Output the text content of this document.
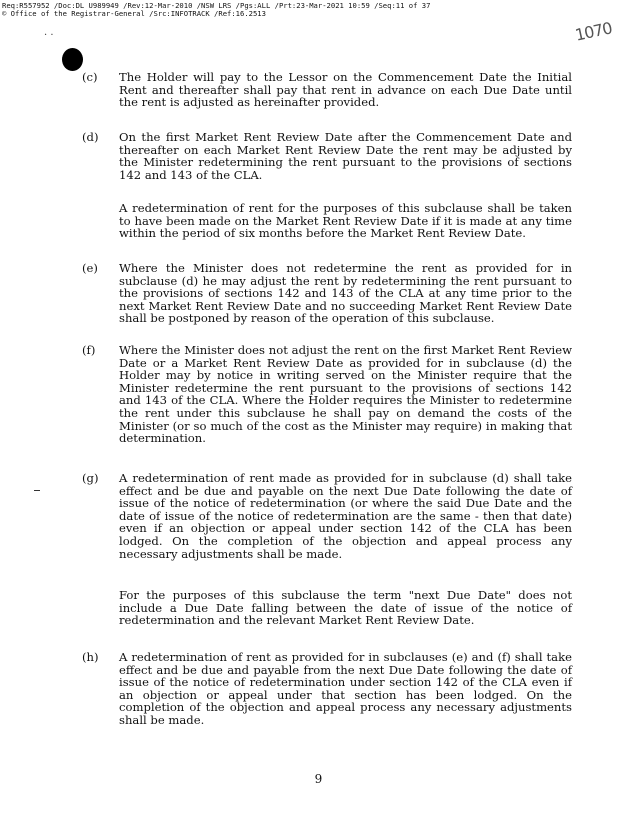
Req:R557952 /Doc:DL U989949 /Rev:12-Mar-2010 /NSW LRS /Pgs:ALL /Prt:23-Mar-2021 10:59 /Seq:11 of 37
© Office of the Registrar-General /Src:INFOTRACK /Ref:16.2513
1070
· ·
(c) The Holder will pay to the Lessor on the Commencement Date the Initial Rent and thereafter shall pay that rent in advance on each Due Date until the rent is adjusted as hereinafter provided.
(d) On the first Market Rent Review Date after the Commencement Date and thereafter on each Market Rent Review Date the rent may be adjusted by the Minister redetermining the rent pursuant to the provisions of sections 142 and 143 of the CLA.
A redetermination of rent for the purposes of this subclause shall be taken to have been made on the Market Rent Review Date if it is made at any time within the period of six months before the Market Rent Review Date.
(e) Where the Minister does not redetermine the rent as provided for in subclause (d) he may adjust the rent by redetermining the rent pursuant to the provisions of sections 142 and 143 of the CLA at any time prior to the next Market Rent Review Date and no succeeding Market Rent Review Date shall be postponed by reason of the operation of this subclause.
(f) Where the Minister does not adjust the rent on the first Market Rent Review Date or a Market Rent Review Date as provided for in subclause (d) the Holder may by notice in writing served on the Minister require that the Minister redetermine the rent pursuant to the provisions of sections 142 and 143 of the CLA. Where the Holder requires the Minister to redetermine the rent under this subclause he shall pay on demand the costs of the Minister (or so much of the cost as the Minister may require) in making that determination.
(g) A redetermination of rent made as provided for in subclause (d) shall take effect and be due and payable on the next Due Date following the date of issue of the notice of redetermination (or where the said Due Date and the date of issue of the notice of redetermination are the same - then that date) even if an objection or appeal under section 142 of the CLA has been lodged. On the completion of the objection and appeal process any necessary adjustments shall be made.
For the purposes of this subclause the term "next Due Date" does not include a Due Date falling between the date of issue of the notice of redetermination and the relevant Market Rent Review Date.
(h) A redetermination of rent as provided for in subclauses (e) and (f) shall take effect and be due and payable from the next Due Date following the date of issue of the notice of redetermination under section 142 of the CLA even if an objection or appeal under that section has been lodged. On the completion of the objection and appeal process any necessary adjustments shall be made.
9
